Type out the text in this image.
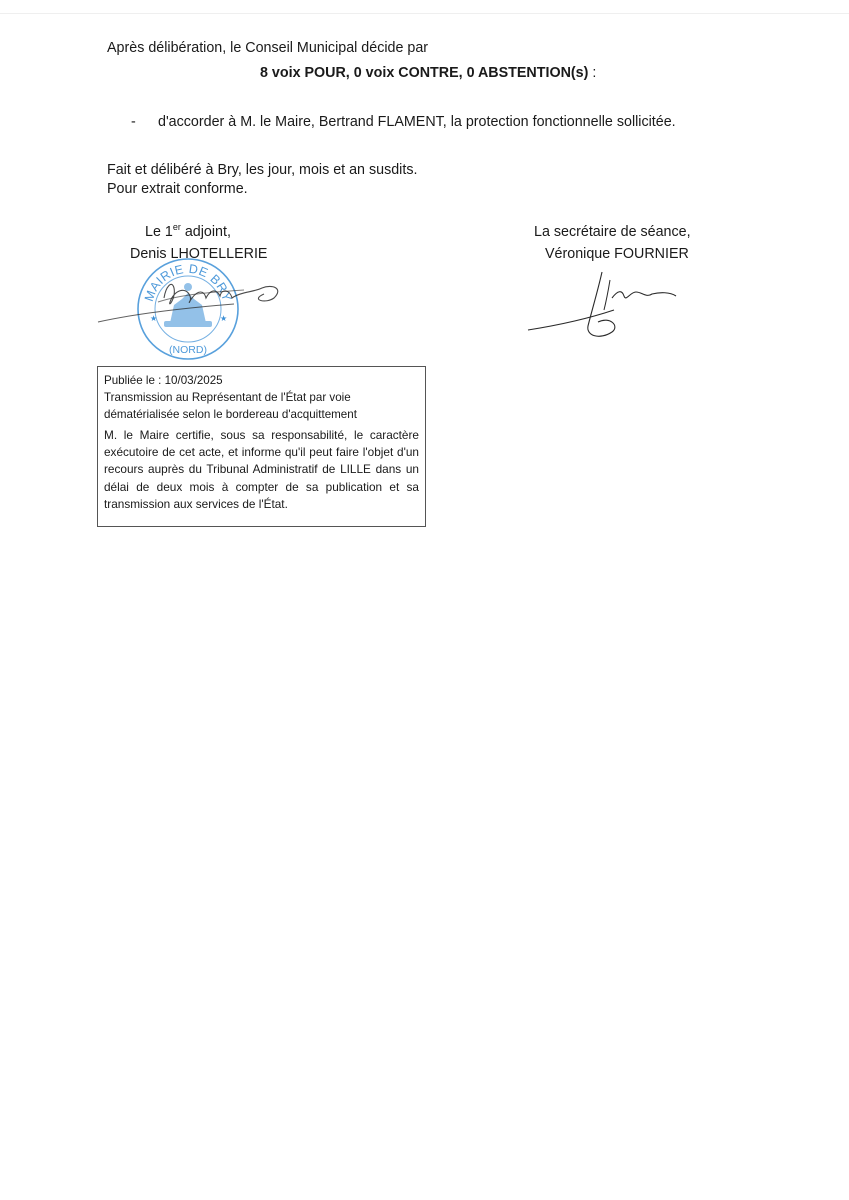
Après délibération, le Conseil Municipal décide par
8 voix POUR, 0 voix CONTRE, 0 ABSTENTION(s) :
- d'accorder à M. le Maire, Bertrand FLAMENT, la protection fonctionnelle sollicitée.
Fait et délibéré à Bry, les jour, mois et an susdits.
Pour extrait conforme.
Le 1er adjoint,
Denis LHOTELLERIE
La secrétaire de séance,
Véronique FOURNIER
MAIRIE DE BRY
(NORD)
★	★
Publiée le : 10/03/2025
Transmission au Représentant de l'État par voie
dématérialisée selon le bordereau d'acquittement
M. le Maire certifie, sous sa responsabilité, le caractère exécutoire de cet acte, et informe qu'il peut faire l'objet d'un recours auprès du Tribunal Administratif de LILLE dans un délai de deux mois à compter de sa publication et sa transmission aux services de l'État.
